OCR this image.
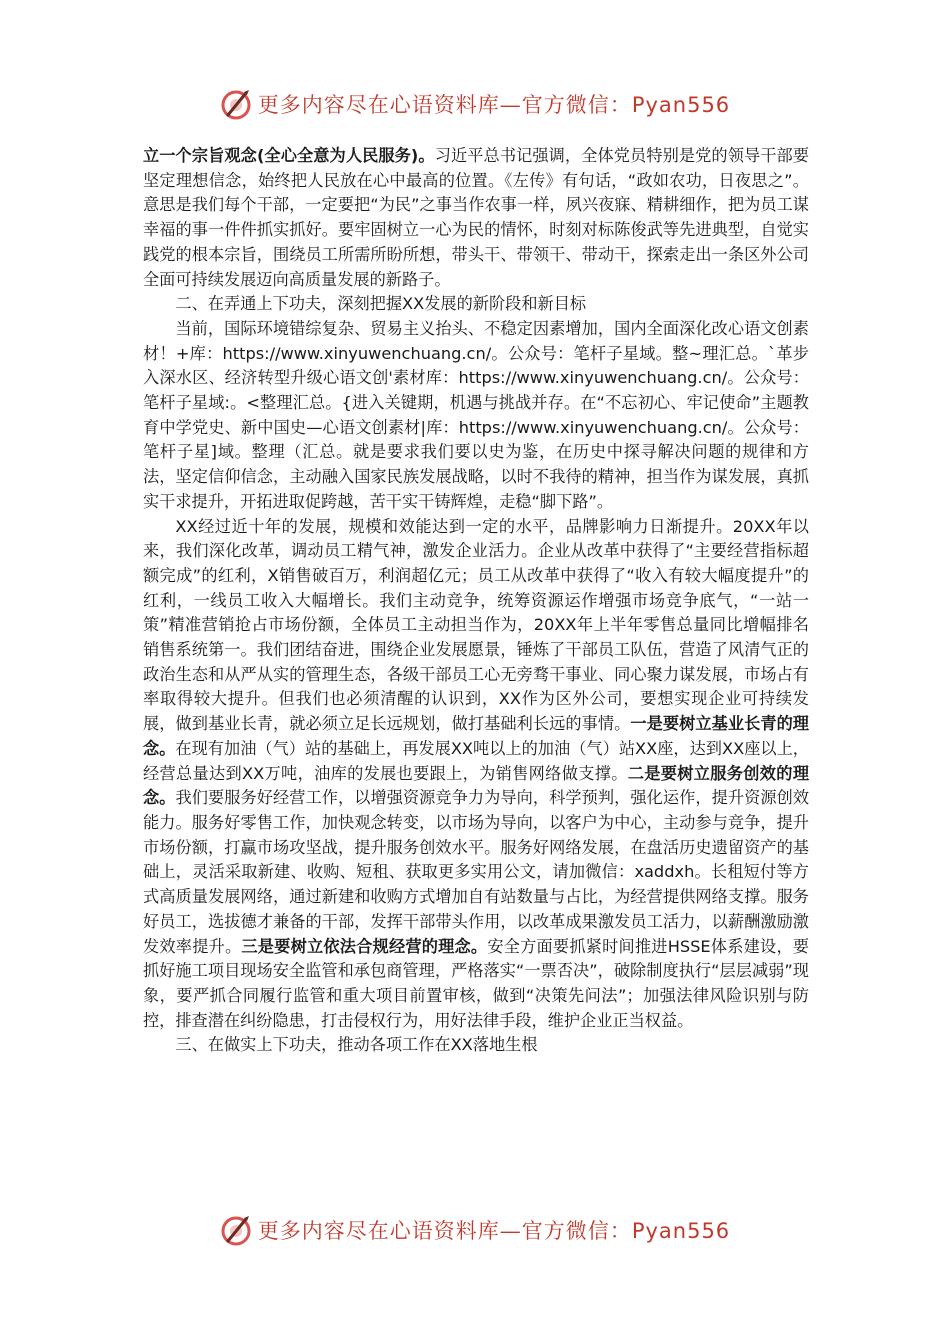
更多内容尽在心语资料库—官方微信：Pyan556

立一个宗旨观念(全心全意为人民服务)。习近平总书记强调，全体党员特别是党的领导干部要坚定理想信念，始终把人民放在心中最高的位置。《左传》有句话，“政如农功，日夜思之”。意思是我们每个干部，一定要把“为民”之事当作农事一样，夙兴夜寐、精耕细作，把为员工谋幸福的事一件件抓实抓好。要牢固树立一心为民的情怀，时刻对标陈俊武等先进典型，自觉实践党的根本宗旨，围绕员工所需所盼所想，带头干、带领干、带动干，探索走出一条区外公司全面可持续发展迈向高质量发展的新路子。

二、在弄通上下功夫，深刻把握XX发展的新阶段和新目标

当前，国际环境错综复杂、贸易主义抬头、不稳定因素增加，国内全面深化改心语文创素材！+库：https://www.xinyuwenchuang.cn/。公众号：笔杆子星域。整~理汇总。`革步入深水区、经济转型升级心语文创'素材库：https://www.xinyuwenchuang.cn/。公众号：笔杆子星域:。<整理汇总。{进入关键期，机遇与挑战并存。在“不忘初心、牢记使命”主题教育中学党史、新中国史—心语文创素材|库：https://www.xinyuwenchuang.cn/。公众号：笔杆子星]域。整理（汇总。就是要求我们要以史为鉴，在历史中探寻解决问题的规律和方法，坚定信仰信念，主动融入国家民族发展战略，以时不我待的精神，担当作为谋发展，真抓实干求提升，开拓进取促跨越，苦干实干铸辉煌，走稳“脚下路”。

XX经过近十年的发展，规模和效能达到一定的水平，品牌影响力日渐提升。20XX年以来，我们深化改革，调动员工精气神，激发企业活力。企业从改革中获得了“主要经营指标超额完成”的红利，X销售破百万，利润超亿元；员工从改革中获得了“收入有较大幅度提升”的红利，一线员工收入大幅增长。我们主动竞争，统筹资源运作增强市场竞争底气，“一站一策”精准营销抢占市场份额，全体员工主动担当作为，20XX年上半年零售总量同比增幅排名销售系统第一。我们团结奋进，围绕企业发展愿景，锤炼了干部员工队伍，营造了风清气正的政治生态和从严从实的管理生态，各级干部员工心无旁骛干事业、同心聚力谋发展，市场占有率取得较大提升。但我们也必须清醒的认识到，XX作为区外公司，要想实现企业可持续发展，做到基业长青，就必须立足长远规划，做打基础利长远的事情。一是要树立基业长青的理念。在现有加油（气）站的基础上，再发展XX吨以上的加油（气）站XX座，达到XX座以上，经营总量达到XX万吨，油库的发展也要跟上，为销售网络做支撑。二是要树立服务创效的理念。我们要服务好经营工作，以增强资源竞争力为导向，科学预判，强化运作，提升资源创效能力。服务好零售工作，加快观念转变，以市场为导向，以客户为中心，主动参与竞争，提升市场份额，打赢市场攻坚战，提升服务创效水平。服务好网络发展，在盘活历史遗留资产的基础上，灵活采取新建、收购、短租、获取更多实用公文，请加微信：xaddxh。长租短付等方式高质量发展网络，通过新建和收购方式增加自有站数量与占比，为经营提供网络支撑。服务好员工，选拔德才兼备的干部，发挥干部带头作用，以改革成果激发员工活力，以薪酬激励激发效率提升。三是要树立依法合规经营的理念。安全方面要抓紧时间推进HSSE体系建设，要抓好施工项目现场安全监管和承包商管理，严格落实“一票否决”，破除制度执行“层层减弱”现象，要严抓合同履行监管和重大项目前置审核，做到“决策先问法”；加强法律风险识别与防控，排查潜在纠纷隐患，打击侵权行为，用好法律手段，维护企业正当权益。

三、在做实上下功夫，推动各项工作在XX落地生根

更多内容尽在心语资料库—官方微信：Pyan556
